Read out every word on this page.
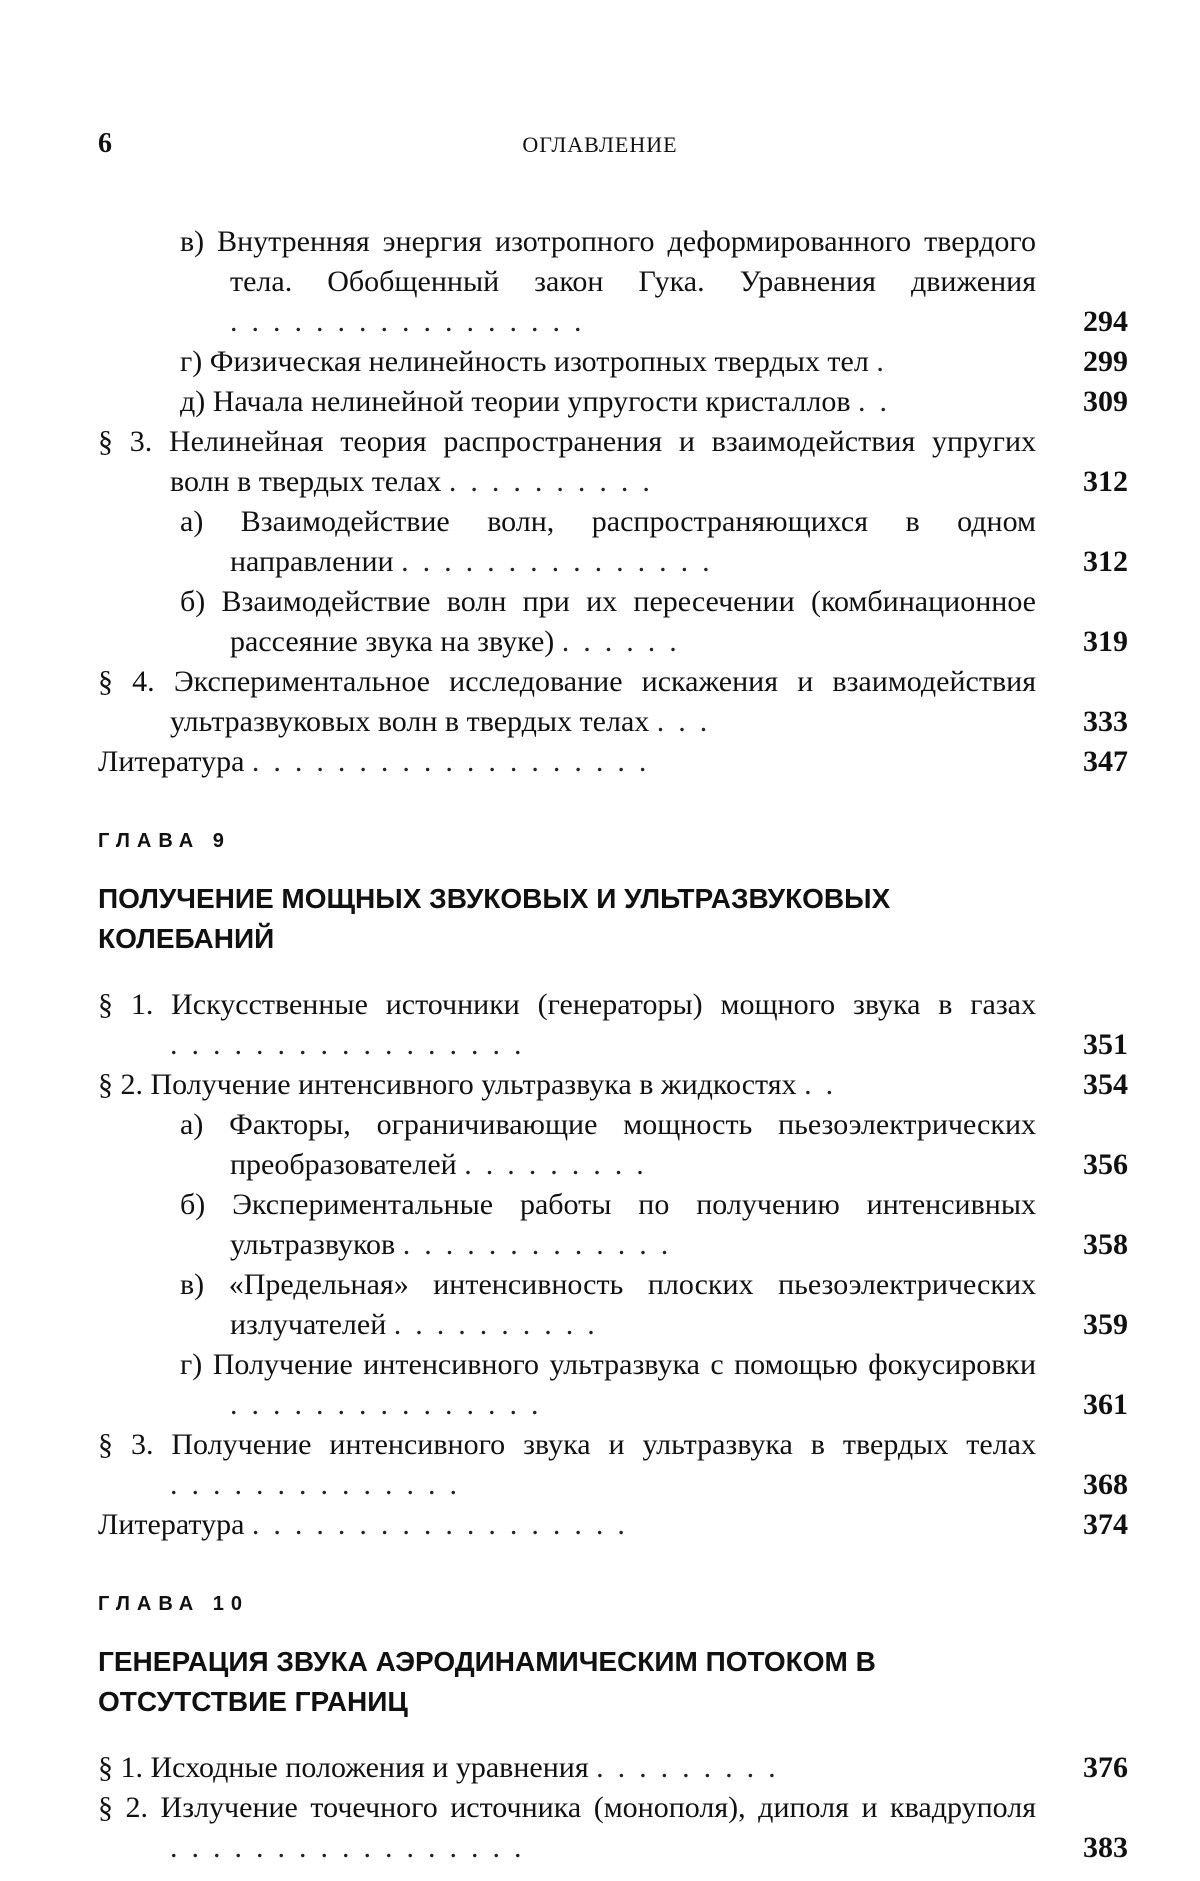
6	ОГЛАВЛЕНИЕ
в) Внутренняя энергия изотропного деформированного твердого тела. Обобщенный закон Гука. Уравнения движения .................	294
г) Физическая нелинейность изотропных твердых тел .	299
д) Начала нелинейной теории упругости кристаллов ..	309
§ 3. Нелинейная теория распространения и взаимодействия упругих волн в твердых телах ..........	312
а) Взаимодействие волн, распространяющихся в одном направлении ...............	312
б) Взаимодействие волн при их пересечении (комбинационное рассеяние звука на звуке) ......	319
§ 4. Экспериментальное исследование искажения и взаимодействия ультразвуковых волн в твердых телах ...	333
Литература ...................	347
ГЛАВА 9
ПОЛУЧЕНИЕ МОЩНЫХ ЗВУКОВЫХ И УЛЬТРАЗВУКОВЫХ КОЛЕБАНИЙ
§ 1. Искусственные источники (генераторы) мощного звука в газах .................	351
§ 2. Получение интенсивного ультразвука в жидкостях ..	354
а) Факторы, ограничивающие мощность пьезоэлектрических преобразователей .........	356
б) Экспериментальные работы по получению интенсивных ультразвуков .............	358
в) «Предельная» интенсивность плоских пьезоэлектрических излучателей ..........	359
г) Получение интенсивного ультразвука с помощью фокусировки ...............	361
§ 3. Получение интенсивного звука и ультразвука в твердых телах ..............	368
Литература ..................	374
ГЛАВА 10
ГЕНЕРАЦИЯ ЗВУКА АЭРОДИНАМИЧЕСКИМ ПОТОКОМ В ОТСУТСТВИЕ ГРАНИЦ
§ 1. Исходные положения и уравнения .........	376
§ 2. Излучение точечного источника (монополя), диполя и квадруполя .................	383
